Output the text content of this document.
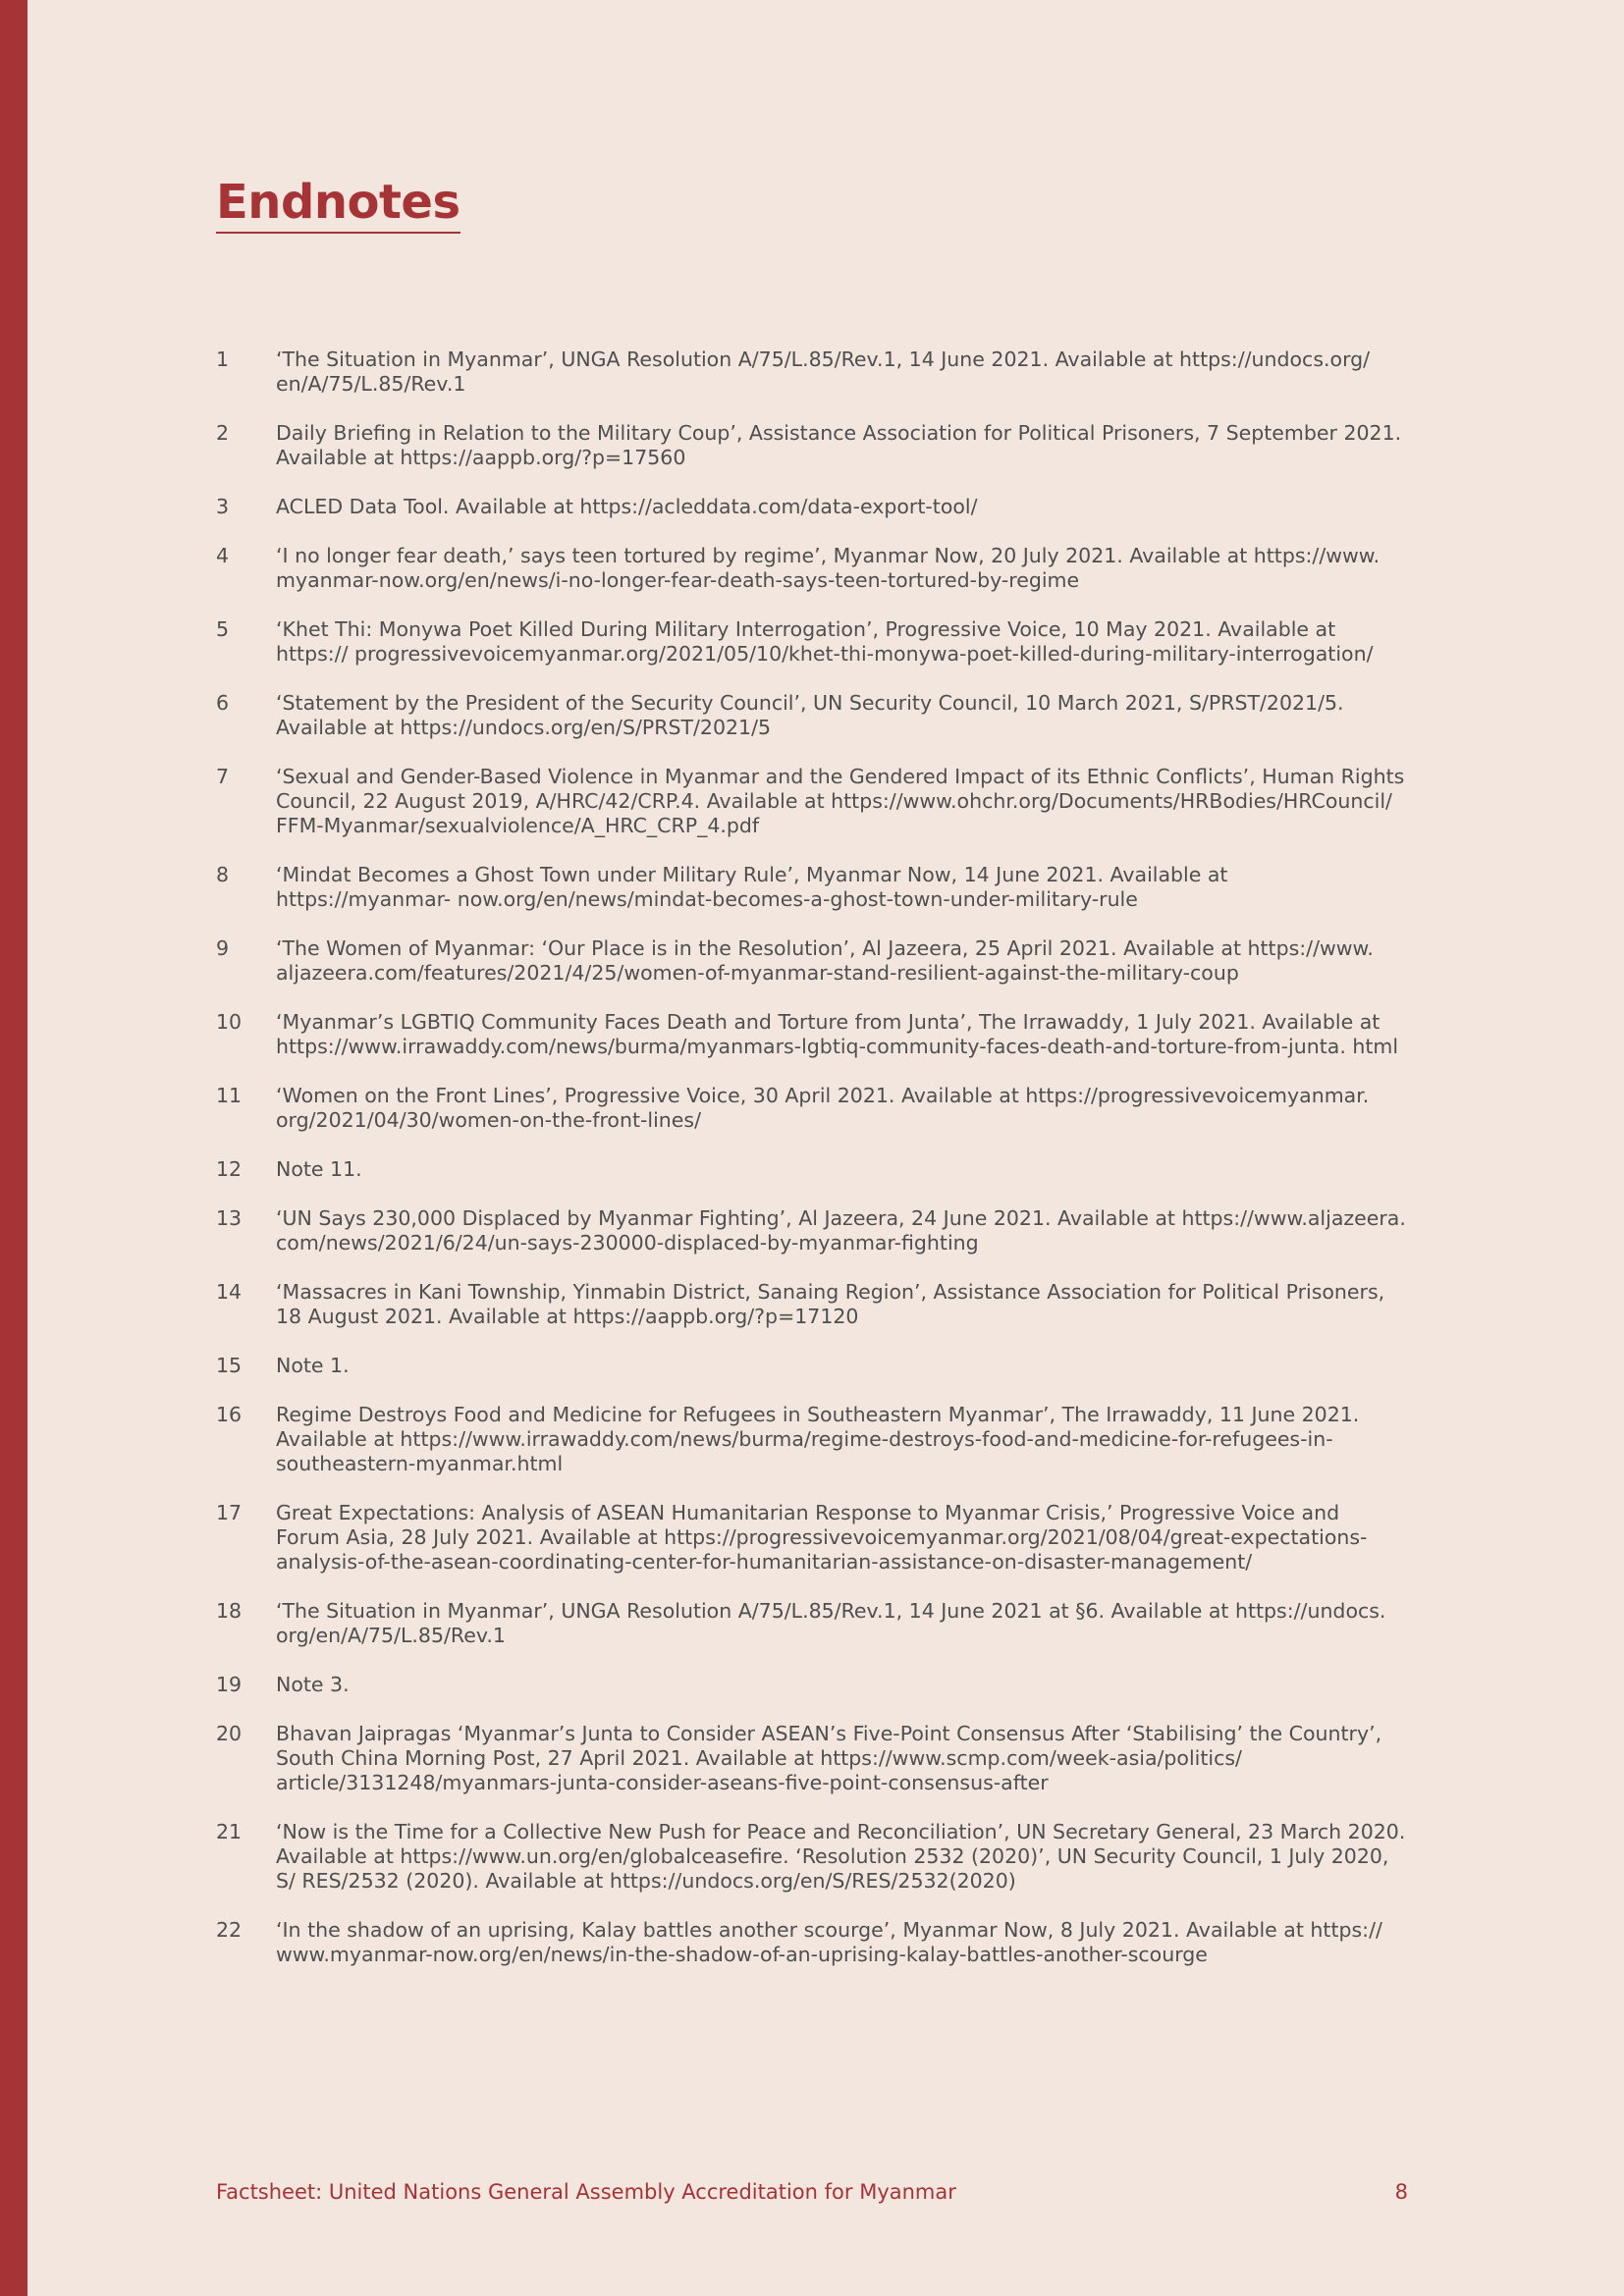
Endnotes
1	‘The Situation in Myanmar’, UNGA Resolution A/75/L.85/Rev.1, 14 June 2021. Available at https://undocs.org/ en/A/75/L.85/Rev.1
2	Daily Briefing in Relation to the Military Coup’, Assistance Association for Political Prisoners, 7 September 2021. Available at https://aappb.org/?p=17560
3	ACLED Data Tool. Available at https://acleddata.com/data-export-tool/
4	‘I no longer fear death,’ says teen tortured by regime’, Myanmar Now, 20 July 2021. Available at https://www. myanmar-now.org/en/news/i-no-longer-fear-death-says-teen-tortured-by-regime
5	‘Khet Thi: Monywa Poet Killed During Military Interrogation’, Progressive Voice, 10 May 2021. Available at https:// progressivevoicemyanmar.org/2021/05/10/khet-thi-monywa-poet-killed-during-military-interrogation/
6	‘Statement by the President of the Security Council’, UN Security Council, 10 March 2021, S/PRST/2021/5. Available at https://undocs.org/en/S/PRST/2021/5
7	‘Sexual and Gender-Based Violence in Myanmar and the Gendered Impact of its Ethnic Conflicts’, Human Rights Council, 22 August 2019, A/HRC/42/CRP.4. Available at https://www.ohchr.org/Documents/HRBodies/HRCouncil/ FFM-Myanmar/sexualviolence/A_HRC_CRP_4.pdf
8	‘Mindat Becomes a Ghost Town under Military Rule’, Myanmar Now, 14 June 2021. Available at https://myanmar- now.org/en/news/mindat-becomes-a-ghost-town-under-military-rule
9	‘The Women of Myanmar: ‘Our Place is in the Resolution’, Al Jazeera, 25 April 2021. Available at https://www. aljazeera.com/features/2021/4/25/women-of-myanmar-stand-resilient-against-the-military-coup
10	‘Myanmar’s LGBTIQ Community Faces Death and Torture from Junta’, The Irrawaddy, 1 July 2021. Available at https://www.irrawaddy.com/news/burma/myanmars-lgbtiq-community-faces-death-and-torture-from-junta. html
11	‘Women on the Front Lines’, Progressive Voice, 30 April 2021. Available at https://progressivevoicemyanmar. org/2021/04/30/women-on-the-front-lines/
12	Note 11.
13	‘UN Says 230,000 Displaced by Myanmar Fighting’, Al Jazeera, 24 June 2021. Available at https://www.aljazeera. com/news/2021/6/24/un-says-230000-displaced-by-myanmar-fighting
14	‘Massacres in Kani Township, Yinmabin District, Sanaing Region’, Assistance Association for Political Prisoners, 18 August 2021. Available at https://aappb.org/?p=17120
15	Note 1.
16	Regime Destroys Food and Medicine for Refugees in Southeastern Myanmar’, The Irrawaddy, 11 June 2021. Available at https://www.irrawaddy.com/news/burma/regime-destroys-food-and-medicine-for-refugees-in- southeastern-myanmar.html
17	Great Expectations: Analysis of ASEAN Humanitarian Response to Myanmar Crisis,’ Progressive Voice and Forum Asia, 28 July 2021. Available at https://progressivevoicemyanmar.org/2021/08/04/great-expectations- analysis-of-the-asean-coordinating-center-for-humanitarian-assistance-on-disaster-management/
18	‘The Situation in Myanmar’, UNGA Resolution A/75/L.85/Rev.1, 14 June 2021 at §6. Available at https://undocs. org/en/A/75/L.85/Rev.1
19	Note 3.
20	Bhavan Jaipragas ‘Myanmar’s Junta to Consider ASEAN’s Five-Point Consensus After ‘Stabilising’ the Country’, South China Morning Post, 27 April 2021. Available at https://www.scmp.com/week-asia/politics/ article/3131248/myanmars-junta-consider-aseans-five-point-consensus-after
21	‘Now is the Time for a Collective New Push for Peace and Reconciliation’, UN Secretary General, 23 March 2020. Available at https://www.un.org/en/globalceasefire. ‘Resolution 2532 (2020)’, UN Security Council, 1 July 2020, S/ RES/2532 (2020). Available at https://undocs.org/en/S/RES/2532(2020)
22	‘In the shadow of an uprising, Kalay battles another scourge’, Myanmar Now, 8 July 2021. Available at https:// www.myanmar-now.org/en/news/in-the-shadow-of-an-uprising-kalay-battles-another-scourge
Factsheet: United Nations General Assembly Accreditation for Myanmar	8
